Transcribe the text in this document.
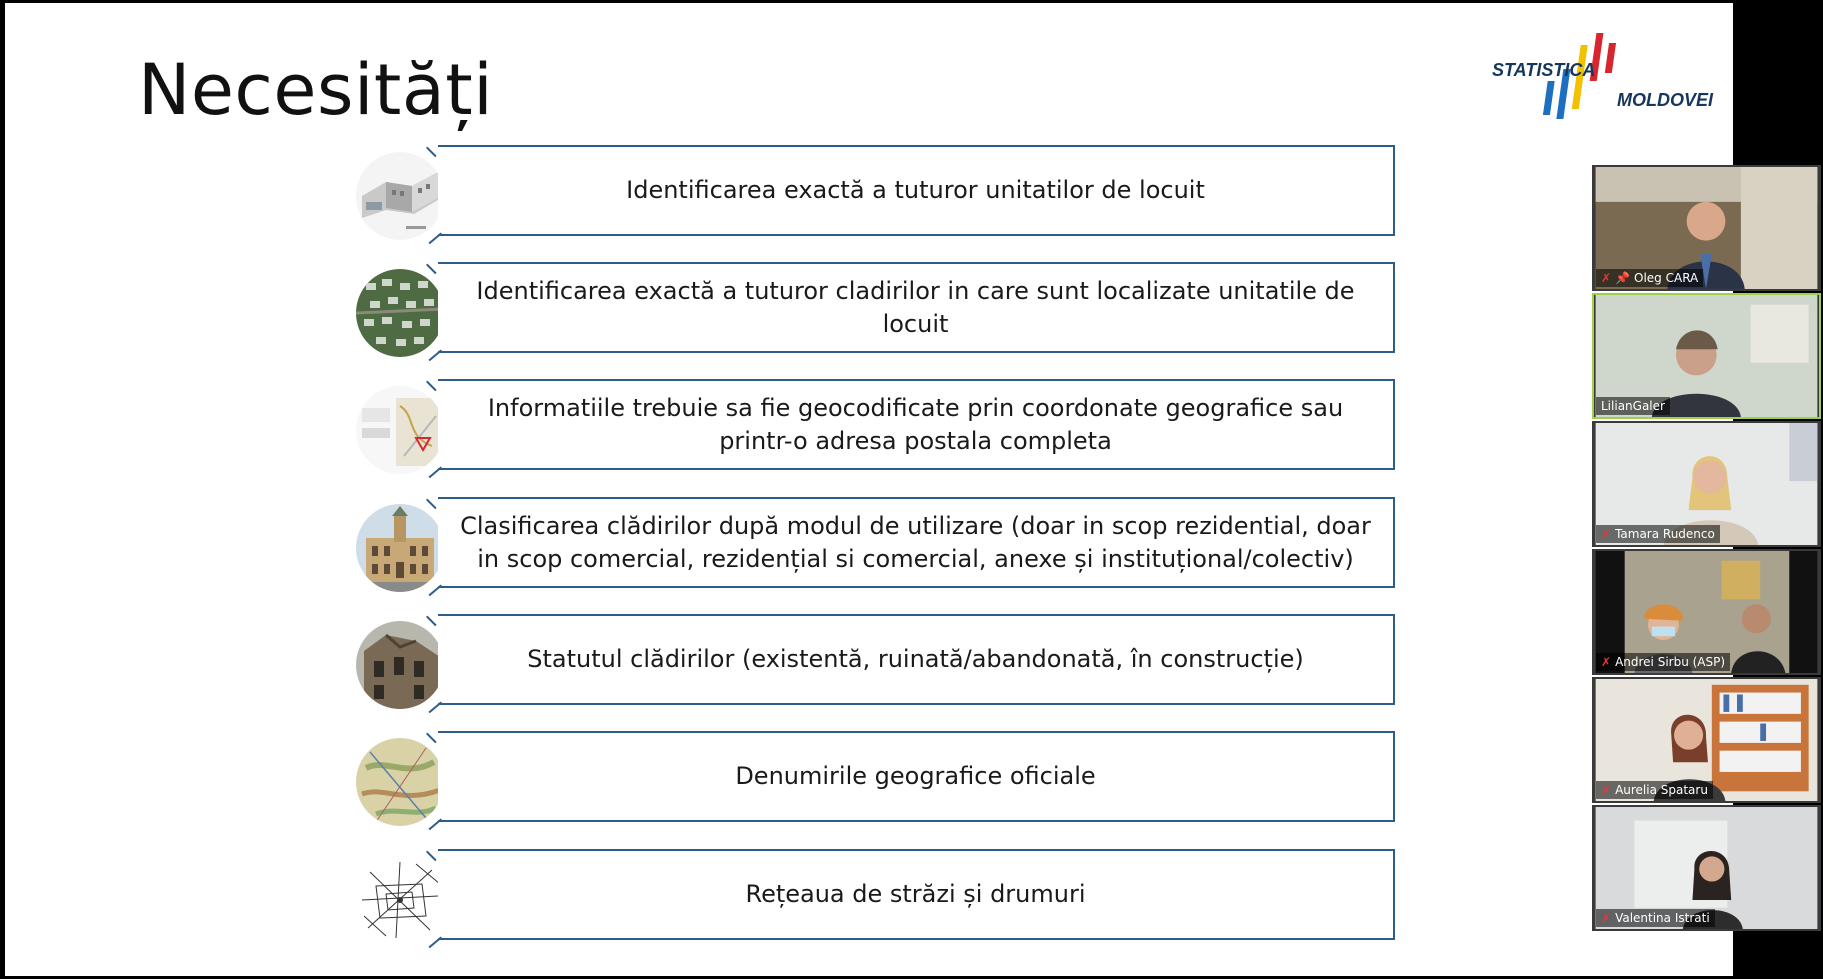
Necesități	STATISTICA
MOLDOVEI
Identificarea exactă a tuturor unitatilor de locuit
Identificarea exactă a tuturor cladirilor in care sunt localizate unitatile de locuit
Informatiile trebuie sa fie geocodificate prin coordonate geografice sau printr-o adresa postala completa
Clasificarea clădirilor după modul de utilizare (doar in scop rezidential, doar in scop comercial, rezidențial si comercial, anexe și instituțional/colectiv)
Statutul clădirilor (existentă, ruinată/abandonată, în construcție)
Denumirile geografice oficiale
Rețeaua de străzi și drumuri
✗ 📌 Oleg CARA
LilianGaler
✗ Tamara Rudenco
✗ Andrei Sirbu (ASP)
✗ Aurelia Spataru
✗ Valentina Istrati
